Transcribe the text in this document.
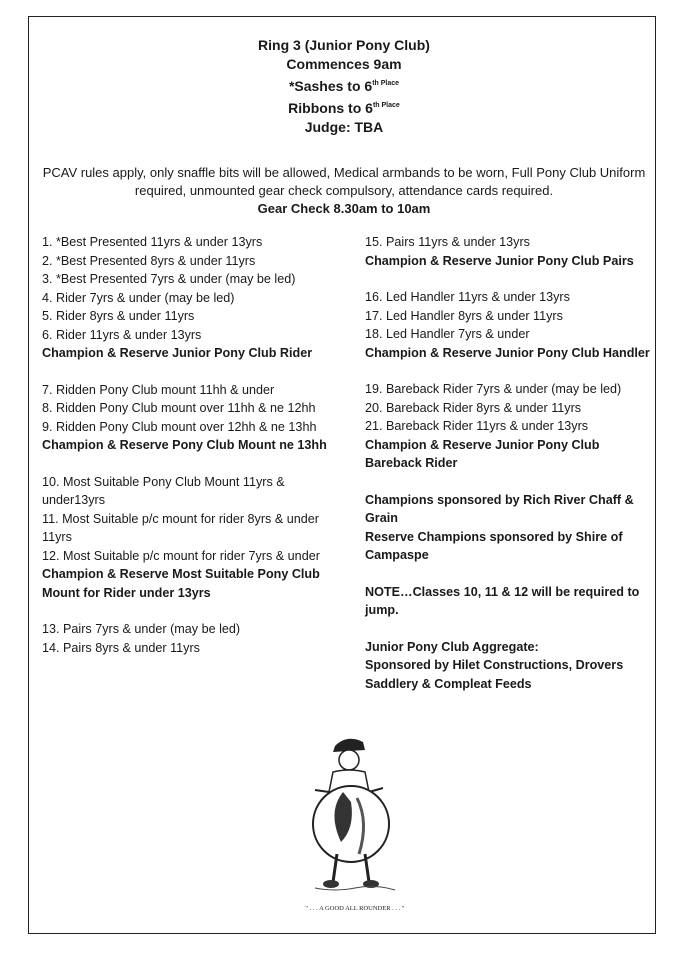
Ring 3 (Junior Pony Club)
Commences 9am
*Sashes to $6^{th Place}$
Ribbons to $6^{th Place}$
Judge: TBA
PCAV rules apply, only snaffle bits will be allowed, Medical armbands to be worn, Full Pony Club Uniform required, unmounted gear check compulsory, attendance cards required.
Gear Check 8.30am to 10am
1. *Best Presented 11yrs & under 13yrs
2. *Best Presented 8yrs & under 11yrs
3. *Best Presented 7yrs & under (may be led)
4. Rider 7yrs & under (may be led)
5. Rider 8yrs & under 11yrs
6. Rider 11yrs & under 13yrs
Champion & Reserve Junior Pony Club Rider
7. Ridden Pony Club mount 11hh & under
8. Ridden Pony Club mount over 11hh & ne 12hh
9. Ridden Pony Club mount over 12hh & ne 13hh
Champion & Reserve Pony Club Mount ne 13hh
10. Most Suitable Pony Club Mount 11yrs & under13yrs
11. Most Suitable p/c mount for rider 8yrs & under 11yrs
12. Most Suitable p/c mount for rider 7yrs & under
Champion & Reserve Most Suitable Pony Club Mount for Rider under 13yrs
13. Pairs 7yrs & under (may be led)
14. Pairs 8yrs & under 11yrs
15. Pairs 11yrs & under 13yrs
Champion & Reserve Junior Pony Club Pairs
16. Led Handler 11yrs & under 13yrs
17. Led Handler 8yrs & under 11yrs
18. Led Handler 7yrs & under
Champion & Reserve Junior Pony Club Handler
19. Bareback Rider 7yrs & under (may be led)
20. Bareback Rider 8yrs & under 11yrs
21. Bareback Rider 11yrs & under 13yrs
Champion & Reserve Junior Pony Club Bareback Rider
Champions sponsored by Rich River Chaff & Grain
Reserve Champions sponsored by Shire of Campaspe
NOTE…Classes 10, 11 & 12 will be required to jump.
Junior Pony Club Aggregate:
Sponsored by Hilet Constructions, Drovers Saddlery & Compleat Feeds
" . . . A GOOD ALL ROUNDER . . . "
